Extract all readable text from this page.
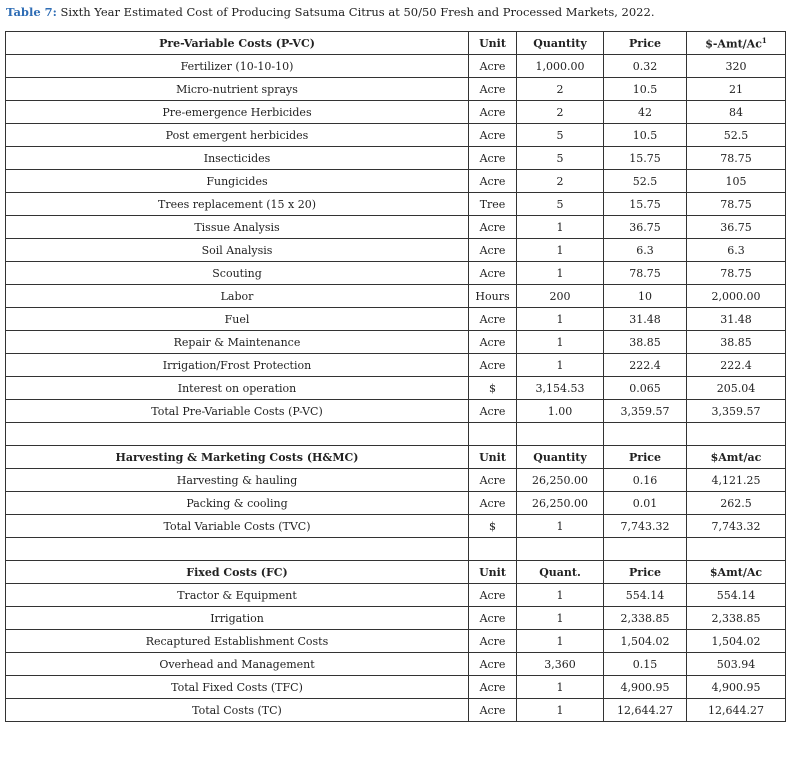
Table 7: Sixth Year Estimated Cost of Producing Satsuma Citrus at 50/50 Fresh and Processed Markets, 2022.
Pre-Variable Costs (P-VC)	Unit	Quantity	Price	$-Amt/Ac$^1$
Fertilizer (10-10-10)	Acre	1,000.00	0.32	320
Micro-nutrient sprays	Acre	2	10.5	21
Pre-emergence Herbicides	Acre	2	42	84
Post emergent herbicides	Acre	5	10.5	52.5
Insecticides	Acre	5	15.75	78.75
Fungicides	Acre	2	52.5	105
Trees replacement (15 x 20)	Tree	5	15.75	78.75
Tissue Analysis	Acre	1	36.75	36.75
Soil Analysis	Acre	1	6.3	6.3
Scouting	Acre	1	78.75	78.75
Labor	Hours	200	10	2,000.00
Fuel	Acre	1	31.48	31.48
Repair & Maintenance	Acre	1	38.85	38.85
Irrigation/Frost Protection	Acre	1	222.4	222.4
Interest on operation	$	3,154.53	0.065	205.04
Total Pre-Variable Costs (P-VC)	Acre	1.00	3,359.57	3,359.57

Harvesting & Marketing Costs (H&MC)	Unit	Quantity	Price	$Amt/ac
Harvesting & hauling	Acre	26,250.00	0.16	4,121.25
Packing & cooling	Acre	26,250.00	0.01	262.5
Total Variable Costs (TVC)	$	1	7,743.32	7,743.32

Fixed Costs (FC)	Unit	Quant.	Price	$Amt/Ac
Tractor & Equipment	Acre	1	554.14	554.14
Irrigation	Acre	1	2,338.85	2,338.85
Recaptured Establishment Costs	Acre	1	1,504.02	1,504.02
Overhead and Management	Acre	3,360	0.15	503.94
Total Fixed Costs (TFC)	Acre	1	4,900.95	4,900.95
Total Costs (TC)	Acre	1	12,644.27	12,644.27
